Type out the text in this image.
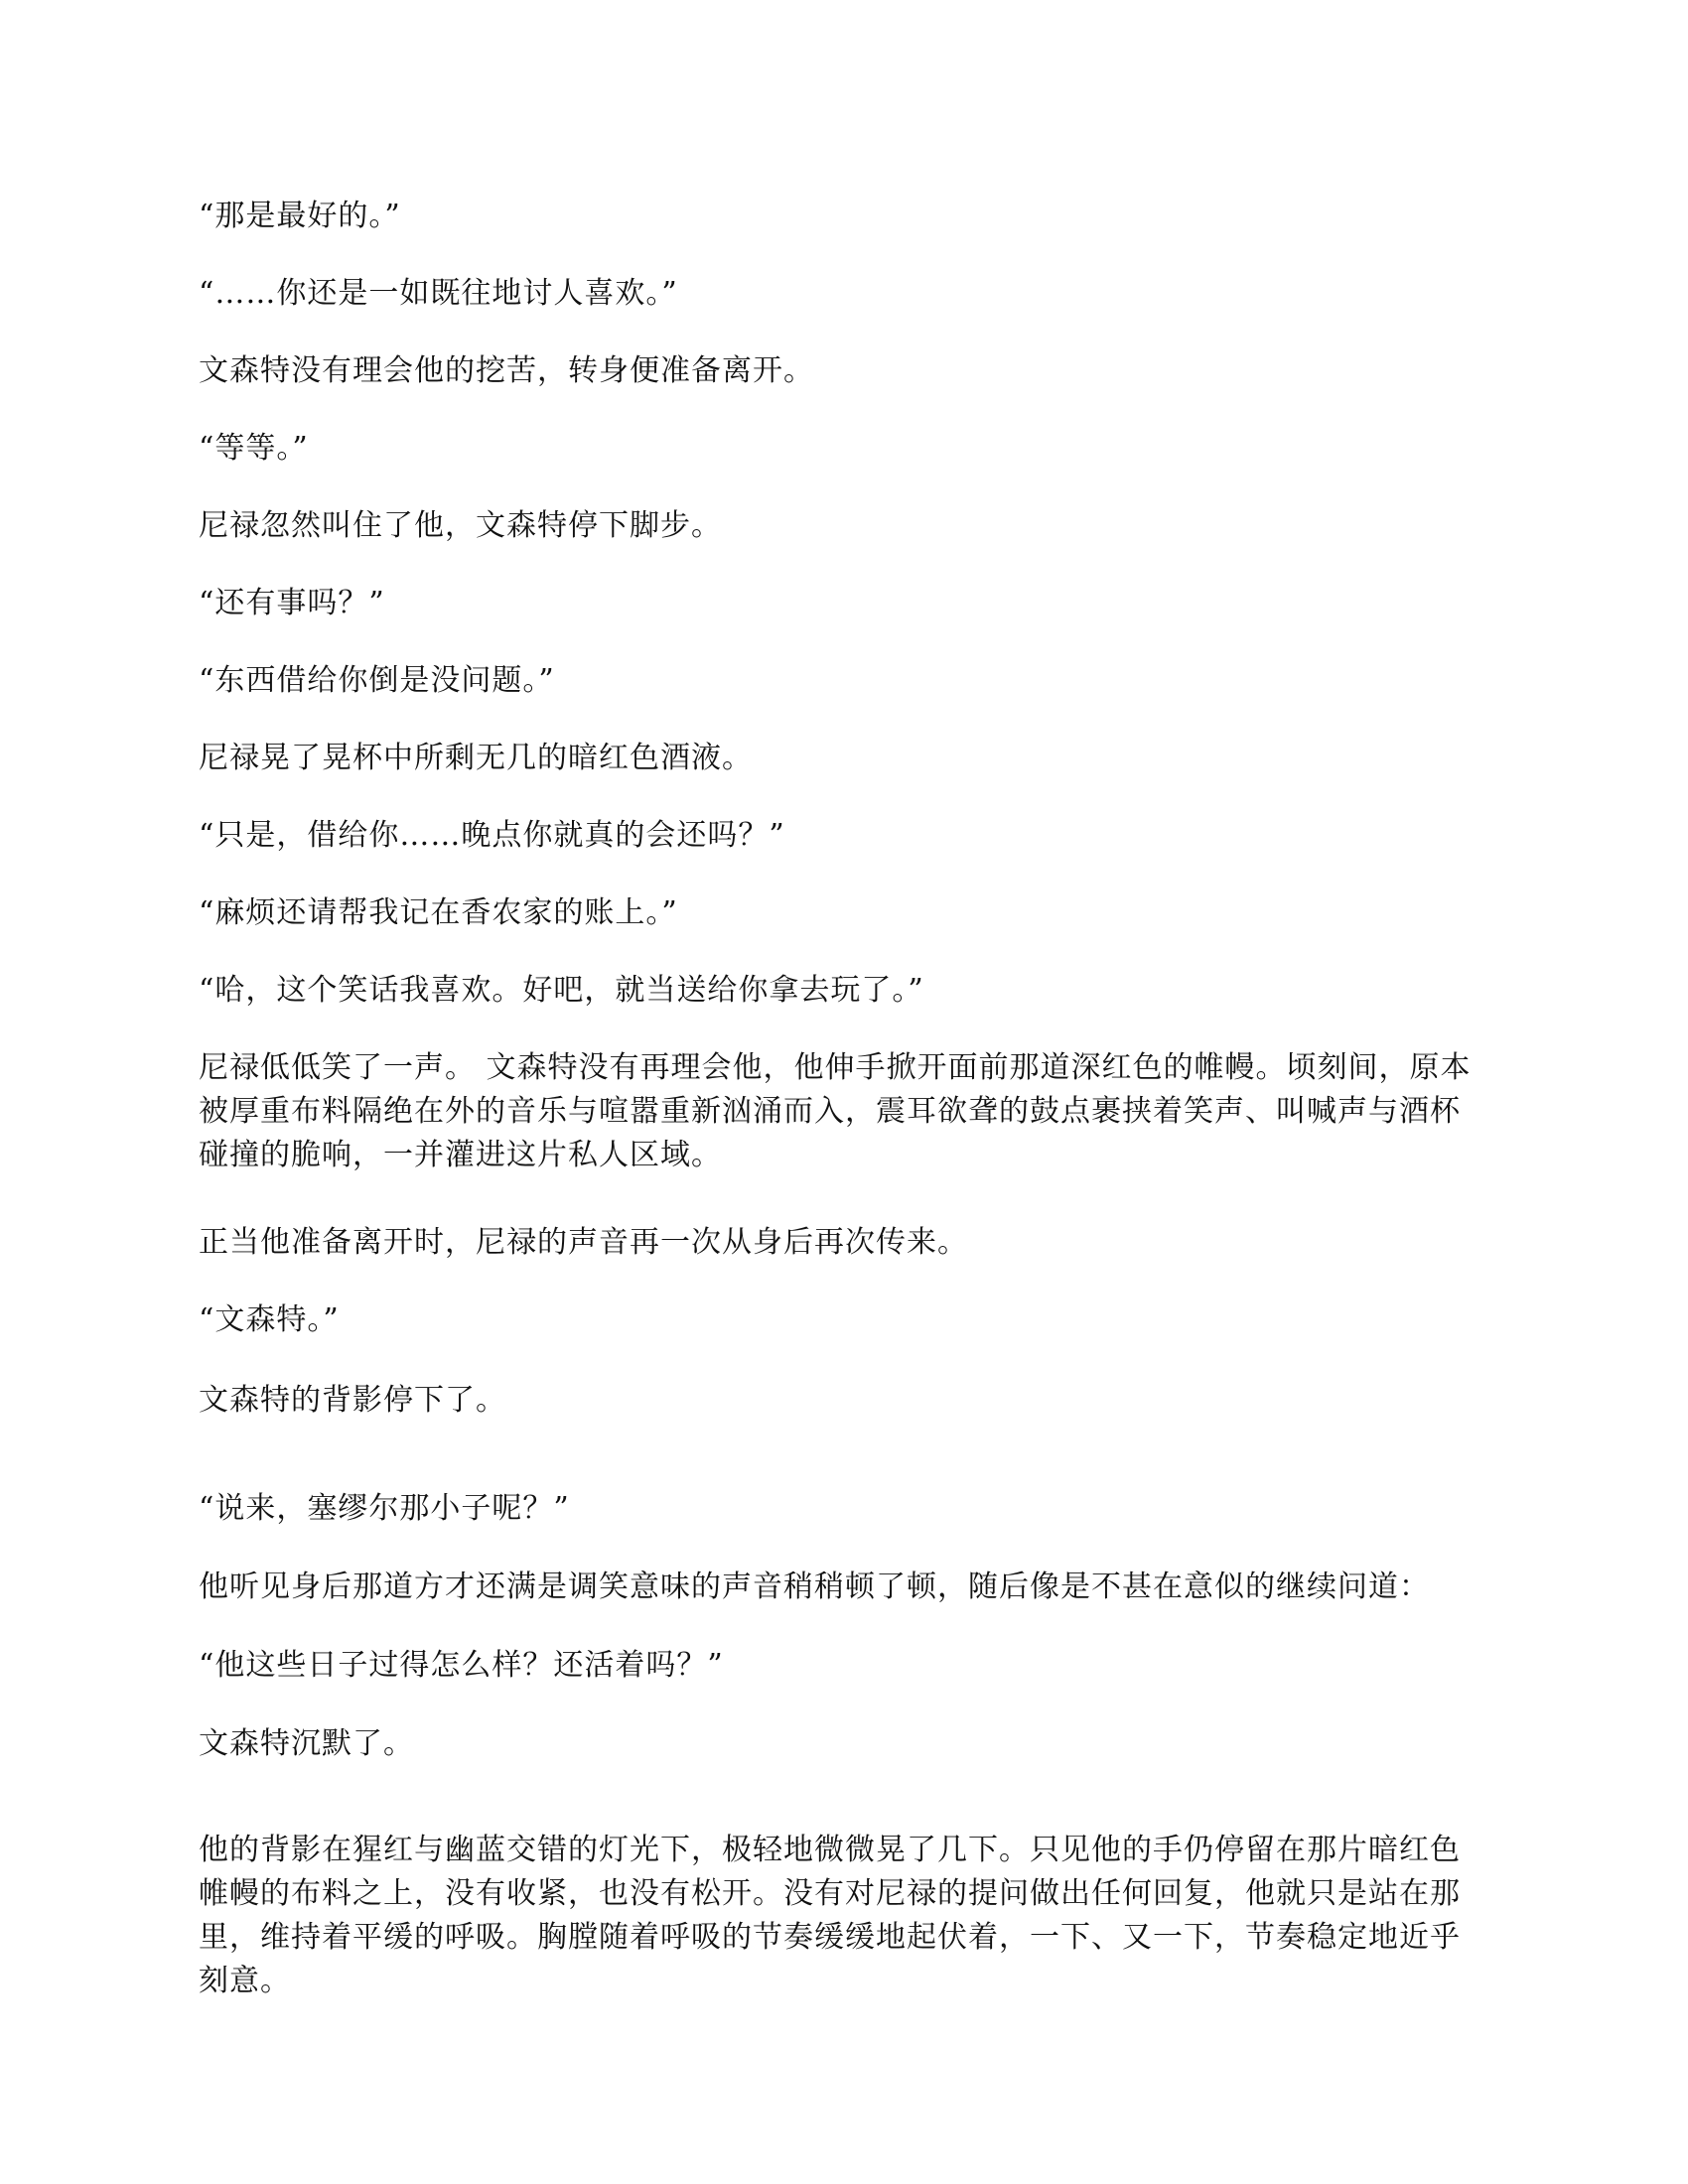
“那是最好的。”

“……你还是一如既往地讨人喜欢。”

文森特没有理会他的挖苦，转身便准备离开。

“等等。”

尼禄忽然叫住了他，文森特停下脚步。

“还有事吗？”

“东西借给你倒是没问题。”

尼禄晃了晃杯中所剩无几的暗红色酒液。

“只是，借给你……晚点你就真的会还吗？”

“麻烦还请帮我记在香农家的账上。”

“哈，这个笑话我喜欢。好吧，就当送给你拿去玩了。”

尼禄低低笑了一声。 文森特没有再理会他，他伸手掀开面前那道深红色的帷幔。顷刻间，原本被厚重布料隔绝在外的音乐与喧嚣重新汹涌而入，震耳欲聋的鼓点裹挟着笑声、叫喊声与酒杯碰撞的脆响，一并灌进这片私人区域。

正当他准备离开时，尼禄的声音再一次从身后再次传来。

“文森特。”

文森特的背影停下了。

“说来，塞缪尔那小子呢？”

他听见身后那道方才还满是调笑意味的声音稍稍顿了顿，随后像是不甚在意似的继续问道：

“他这些日子过得怎么样？还活着吗？”

文森特沉默了。

他的背影在猩红与幽蓝交错的灯光下，极轻地微微晃了几下。只见他的手仍停留在那片暗红色帷幔的布料之上，没有收紧，也没有松开。没有对尼禄的提问做出任何回复，他就只是站在那里，维持着平缓的呼吸。胸膛随着呼吸的节奏缓缓地起伏着，一下、又一下，节奏稳定地近乎刻意。
